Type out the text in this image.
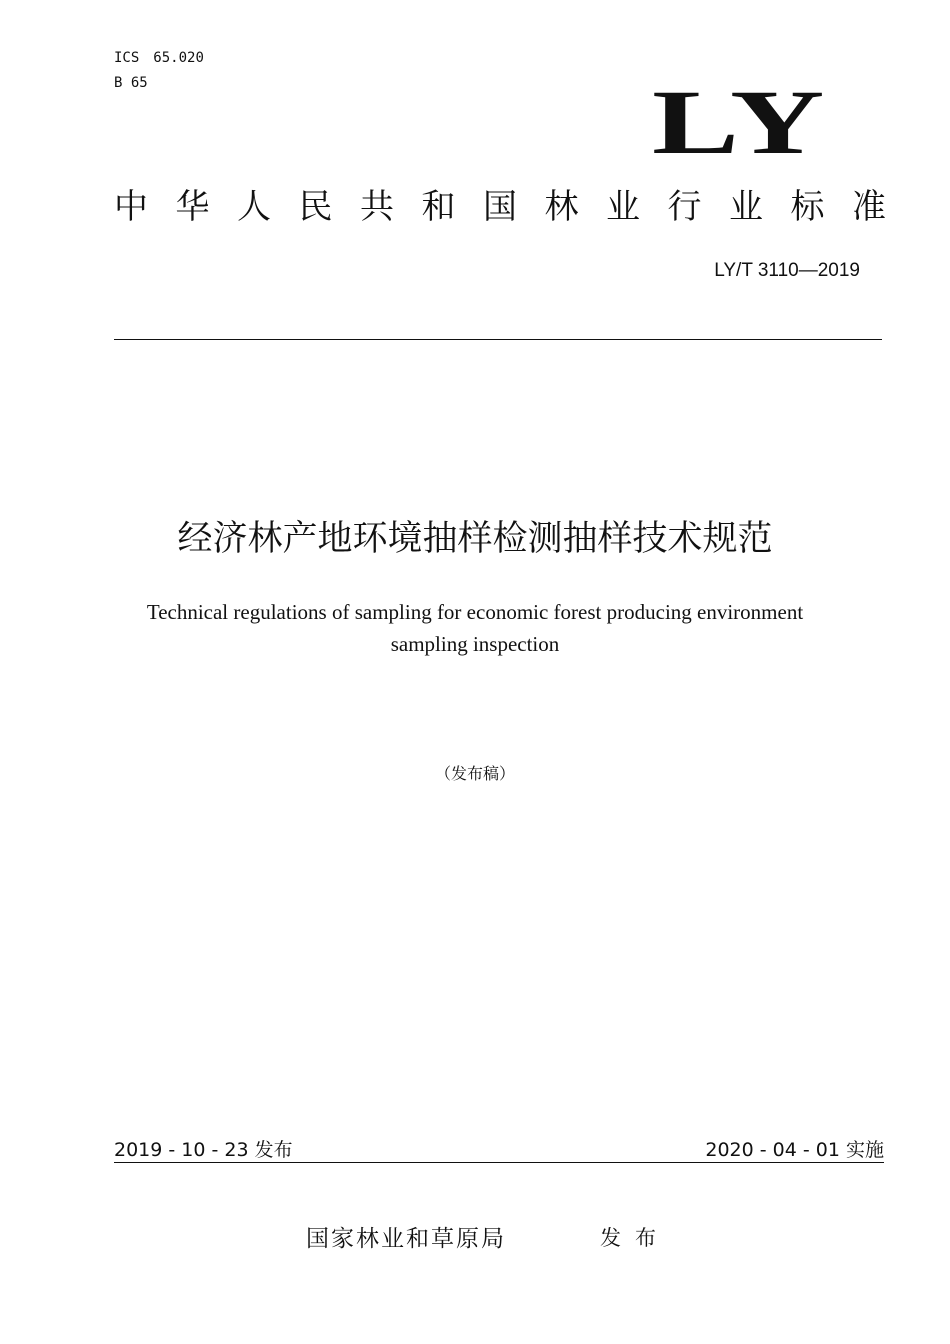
ICS 65.020
B 65	LY
中 华 人 民 共 和 国 林 业 行 业 标 准
LY/T 3110—2019
经济林产地环境抽样检测抽样技术规范
Technical regulations of sampling for economic forest producing environment
sampling inspection
（发布稿）
2019 - 10 - 23 发布	2020 - 04 - 01 实施
国家林业和草原局	发布
